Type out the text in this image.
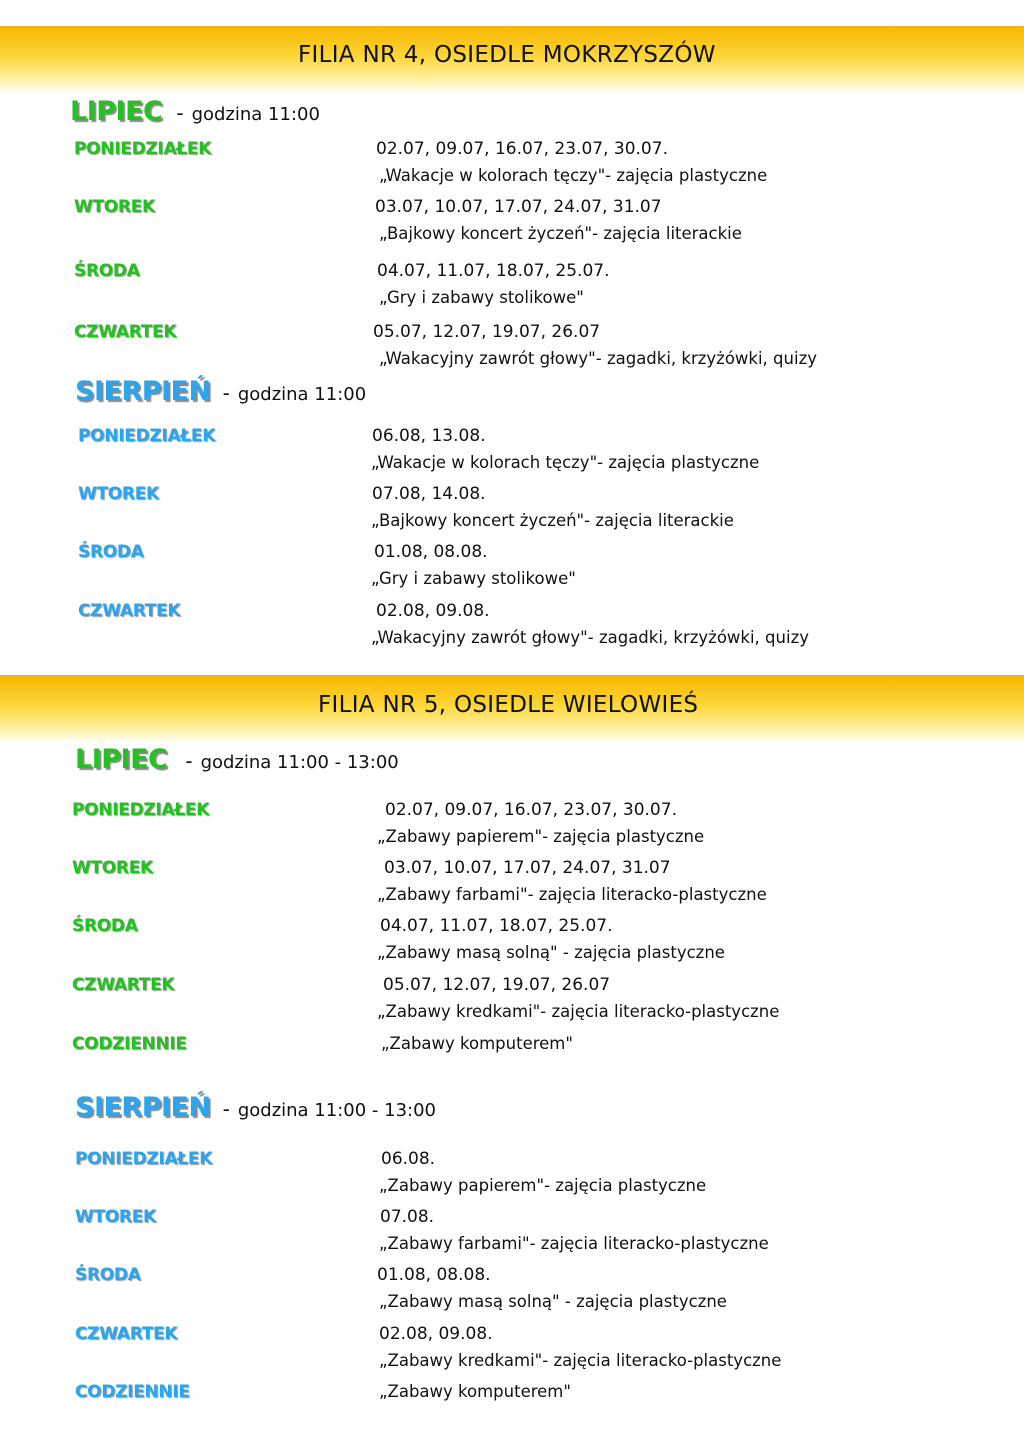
FILIA NR 4, OSIEDLE MOKRZYSZÓW
LIPIEC - godzina 11:00
PONIEDZIAŁEK	02.07, 09.07, 16.07, 23.07, 30.07.
„Wakacje w kolorach tęczy"- zajęcia plastyczne
WTOREK	03.07, 10.07, 17.07, 24.07, 31.07
„Bajkowy koncert życzeń"- zajęcia literackie
ŚRODA	04.07, 11.07, 18.07, 25.07.
„Gry i zabawy stolikowe"
CZWARTEK	05.07, 12.07, 19.07, 26.07
„Wakacyjny zawrót głowy"- zagadki, krzyżówki, quizy
SIERPIEŃ - godzina 11:00
PONIEDZIAŁEK	06.08, 13.08.
„Wakacje w kolorach tęczy"- zajęcia plastyczne
WTOREK	07.08, 14.08.
„Bajkowy koncert życzeń"- zajęcia literackie
ŚRODA	01.08, 08.08.
„Gry i zabawy stolikowe"
CZWARTEK	02.08, 09.08.
„Wakacyjny zawrót głowy"- zagadki, krzyżówki, quizy
FILIA NR 5, OSIEDLE WIELOWIEŚ
LIPIEC - godzina 11:00 - 13:00
PONIEDZIAŁEK	02.07, 09.07, 16.07, 23.07, 30.07.
„Zabawy papierem"- zajęcia plastyczne
WTOREK	03.07, 10.07, 17.07, 24.07, 31.07
„Zabawy farbami"- zajęcia literacko-plastyczne
ŚRODA	04.07, 11.07, 18.07, 25.07.
„Zabawy masą solną" - zajęcia plastyczne
CZWARTEK	05.07, 12.07, 19.07, 26.07
„Zabawy kredkami"- zajęcia literacko-plastyczne
CODZIENNIE	„Zabawy komputerem"
SIERPIEŃ - godzina 11:00 - 13:00
PONIEDZIAŁEK	06.08.
„Zabawy papierem"- zajęcia plastyczne
WTOREK	07.08.
„Zabawy farbami"- zajęcia literacko-plastyczne
ŚRODA	01.08, 08.08.
„Zabawy masą solną" - zajęcia plastyczne
CZWARTEK	02.08, 09.08.
„Zabawy kredkami"- zajęcia literacko-plastyczne
CODZIENNIE	„Zabawy komputerem"
